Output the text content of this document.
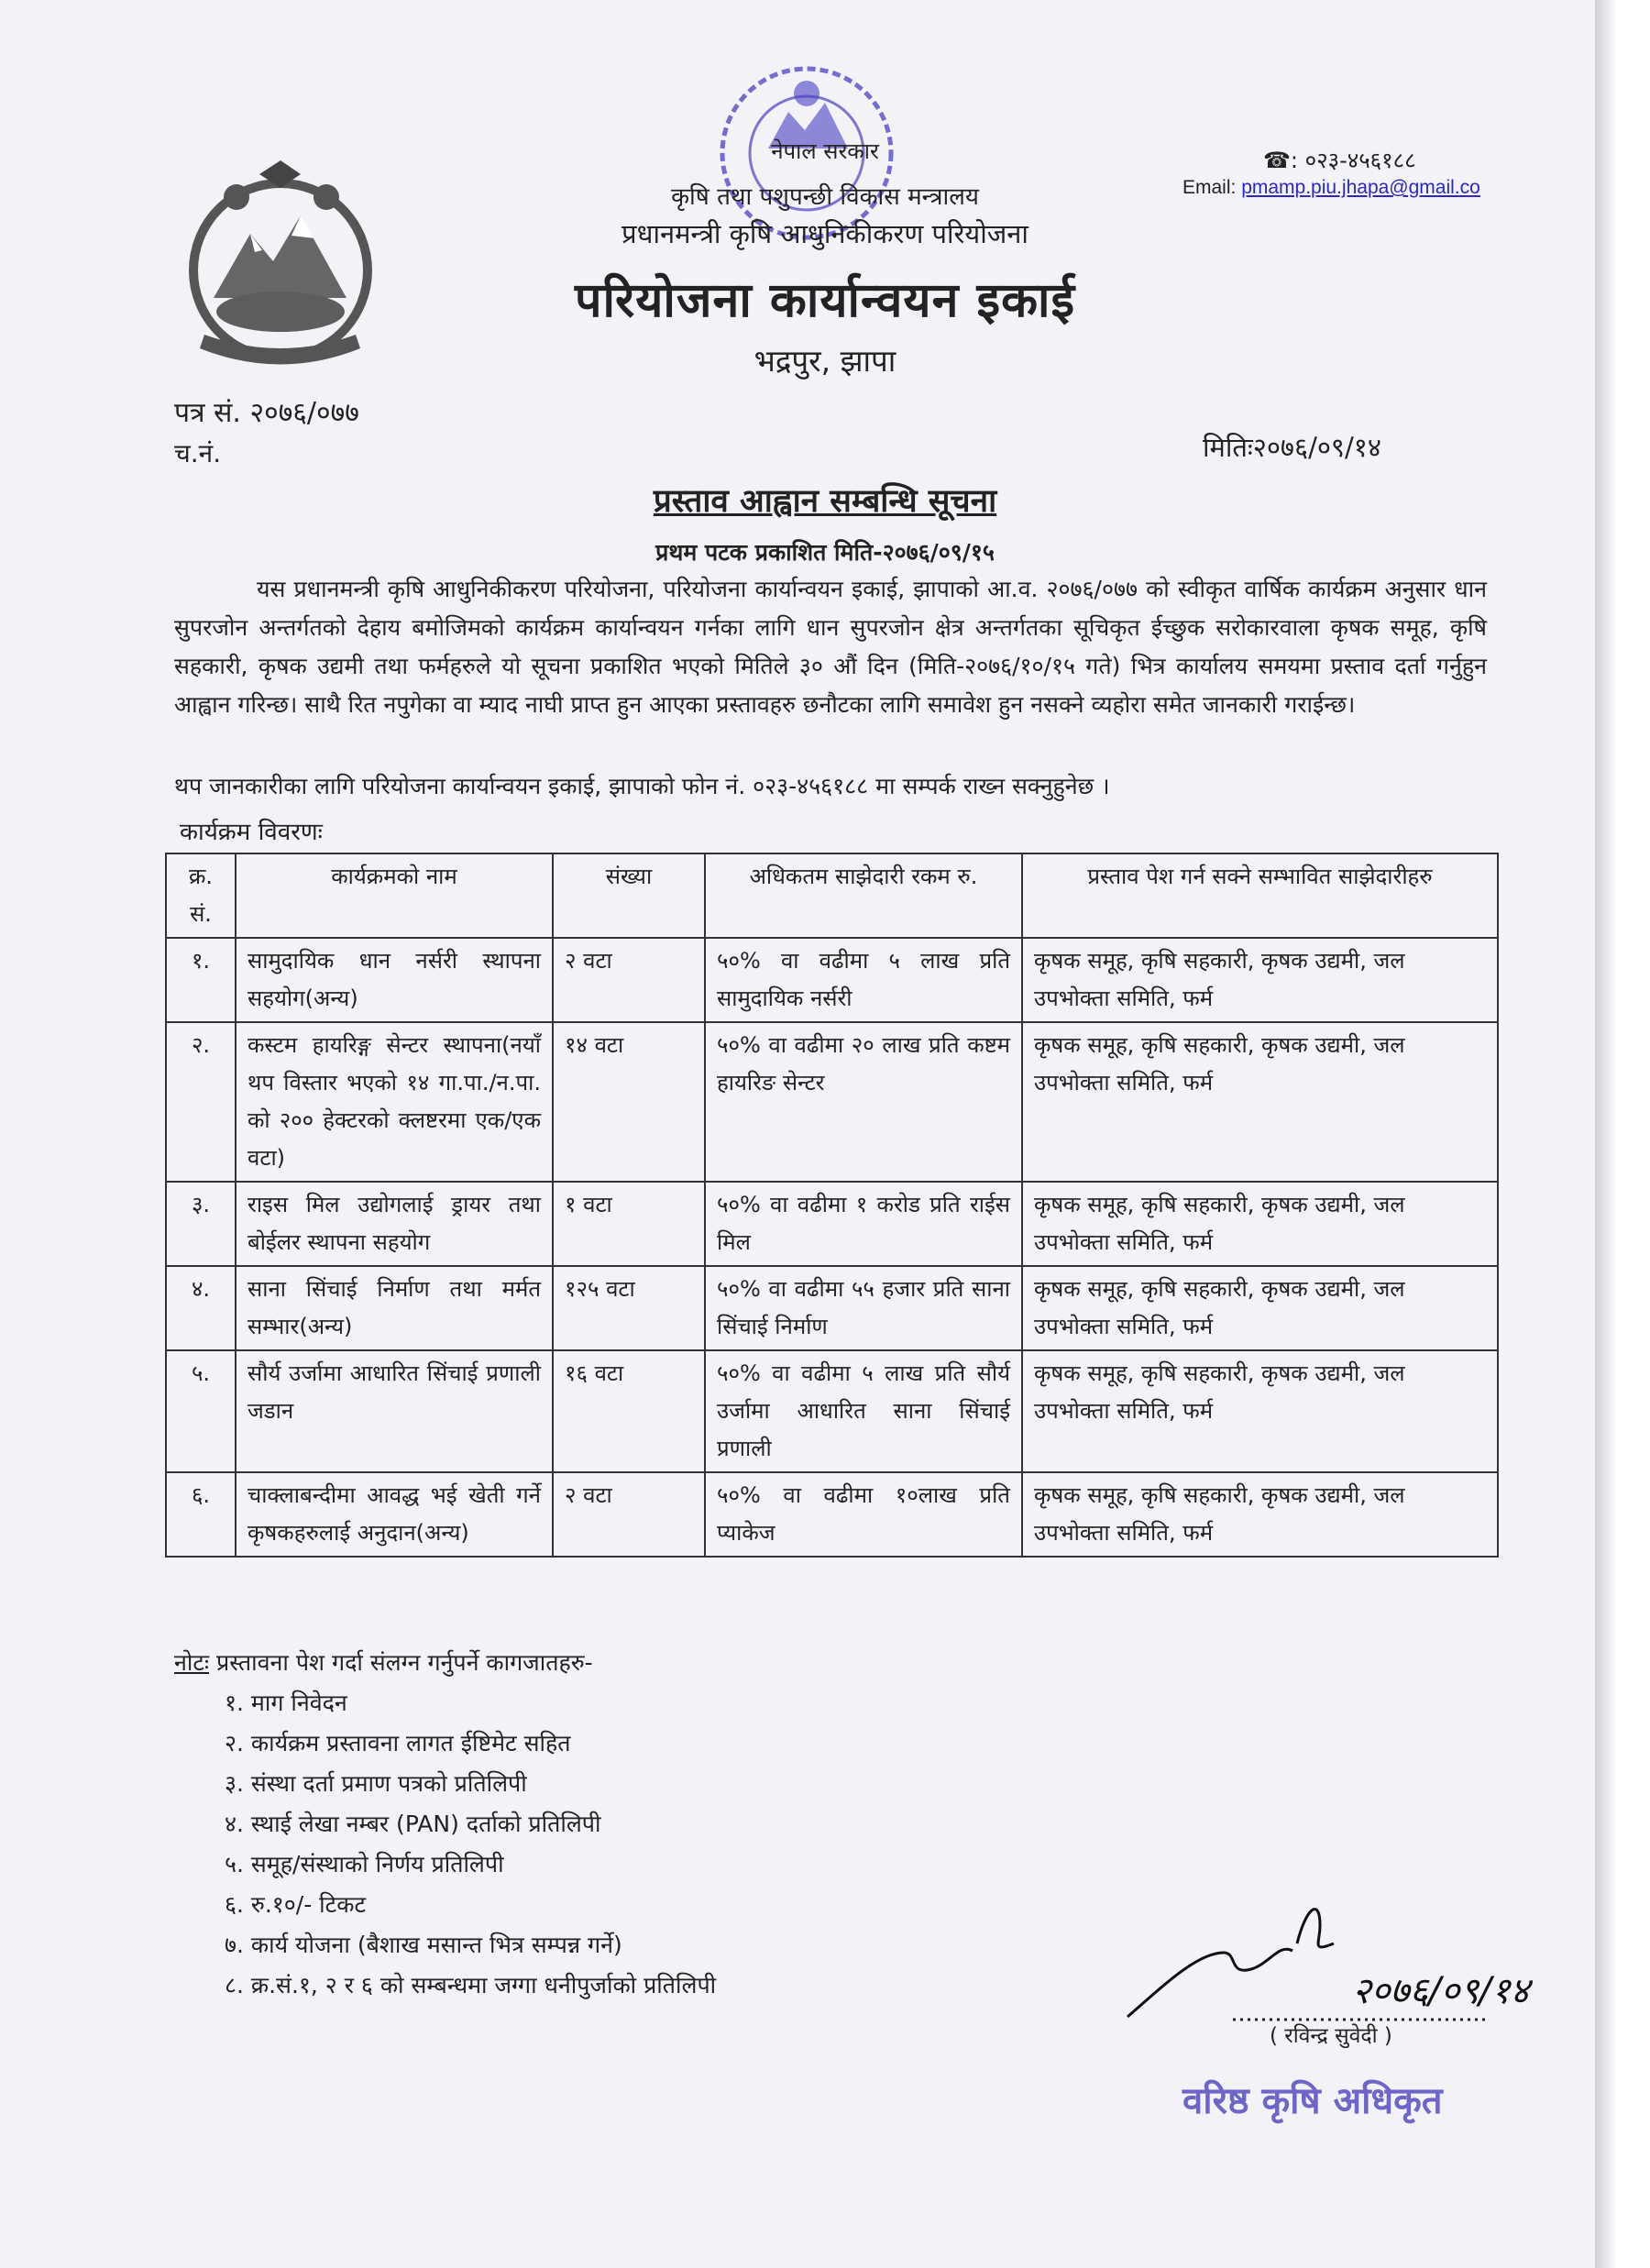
नेपाल सरकार
कृषि तथा पशुपन्छी विकास मन्त्रालय
प्रधानमन्त्री कृषि आधुनिकीकरण परियोजना
परियोजना कार्यान्वयन इकाई
भद्रपुर, झापा
☎: ०२३-४५६१८८
Email: pmamp.piu.jhapa@gmail.co
पत्र सं. २०७६/०७७
च.नं.	मितिः२०७६/०९/१४
प्रस्ताव आह्वान सम्बन्धि सूचना
प्रथम पटक प्रकाशित मिति-२०७६/०९/१५

यस प्रधानमन्त्री कृषि आधुनिकीकरण परियोजना, परियोजना कार्यान्वयन इकाई, झापाको आ.व. २०७६/०७७ को स्वीकृत वार्षिक कार्यक्रम अनुसार धान सुपरजोन अन्तर्गतको देहाय बमोजिमको कार्यक्रम कार्यान्वयन गर्नका लागि धान सुपरजोन क्षेत्र अन्तर्गतका सूचिकृत ईच्छुक सरोकारवाला कृषक समूह, कृषि सहकारी, कृषक उद्यमी तथा फर्महरुले यो सूचना प्रकाशित भएको मितिले ३० औं दिन (मिति-२०७६/१०/१५ गते) भित्र कार्यालय समयमा प्रस्ताव दर्ता गर्नुहुन आह्वान गरिन्छ। साथै रित नपुगेका वा म्याद नाघी प्राप्त हुन आएका प्रस्तावहरु छनौटका लागि समावेश हुन नसक्ने व्यहोरा समेत जानकारी गराईन्छ।

थप जानकारीका लागि परियोजना कार्यान्वयन इकाई, झापाको फोन नं. ०२३-४५६१८८ मा सम्पर्क राख्न सक्नुहुनेछ ।
कार्यक्रम विवरणः
क्र. सं.	कार्यक्रमको नाम	संख्या	अधिकतम साझेदारी रकम रु.	प्रस्ताव पेश गर्न सक्ने सम्भावित साझेदारीहरु
१.	सामुदायिक धान नर्सरी स्थापना सहयोग(अन्य)	२ वटा	५०% वा वढीमा ५ लाख प्रति सामुदायिक नर्सरी	कृषक समूह, कृषि सहकारी, कृषक उद्यमी, जल उपभोक्ता समिति, फर्म
२.	कस्टम हायरिङ्ग सेन्टर स्थापना(नयाँ थप विस्तार भएको १४ गा.पा./न.पा. को २०० हेक्टरको क्लष्टरमा एक/एक वटा)	१४ वटा	५०% वा वढीमा २० लाख प्रति कष्टम हायरिङ सेन्टर	कृषक समूह, कृषि सहकारी, कृषक उद्यमी, जल उपभोक्ता समिति, फर्म
३.	राइस मिल उद्योगलाई ड्रायर तथा बोईलर स्थापना सहयोग	१ वटा	५०% वा वढीमा १ करोड प्रति राईस मिल	कृषक समूह, कृषि सहकारी, कृषक उद्यमी, जल उपभोक्ता समिति, फर्म
४.	साना सिंचाई निर्माण तथा मर्मत सम्भार(अन्य)	१२५ वटा	५०% वा वढीमा ५५ हजार प्रति साना सिंचाई निर्माण	कृषक समूह, कृषि सहकारी, कृषक उद्यमी, जल उपभोक्ता समिति, फर्म
५.	सौर्य उर्जामा आधारित सिंचाई प्रणाली जडान	१६ वटा	५०% वा वढीमा ५ लाख प्रति सौर्य उर्जामा आधारित साना सिंचाई प्रणाली	कृषक समूह, कृषि सहकारी, कृषक उद्यमी, जल उपभोक्ता समिति, फर्म
६.	चाक्लाबन्दीमा आवद्ध भई खेती गर्ने कृषकहरुलाई अनुदान(अन्य)	२ वटा	५०% वा वढीमा १०लाख प्रति प्याकेज	कृषक समूह, कृषि सहकारी, कृषक उद्यमी, जल उपभोक्ता समिति, फर्म
नोटः प्रस्तावना पेश गर्दा संलग्न गर्नुपर्ने कागजातहरु-
१. माग निवेदन
२. कार्यक्रम प्रस्तावना लागत ईष्टिमेट सहित
३. संस्था दर्ता प्रमाण पत्रको प्रतिलिपी
४. स्थाई लेखा नम्बर (PAN) दर्ताको प्रतिलिपी
५. समूह/संस्थाको निर्णय प्रतिलिपी
६. रु.१०/- टिकट
७. कार्य योजना (बैशाख मसान्त भित्र सम्पन्न गर्ने)
८. क्र.सं.१, २ र ६ को सम्बन्धमा जग्गा धनीपुर्जाको प्रतिलिपी	२०७६/०९/१४
( रविन्द्र सुवेदी )
वरिष्ठ कृषि अधिकृत
